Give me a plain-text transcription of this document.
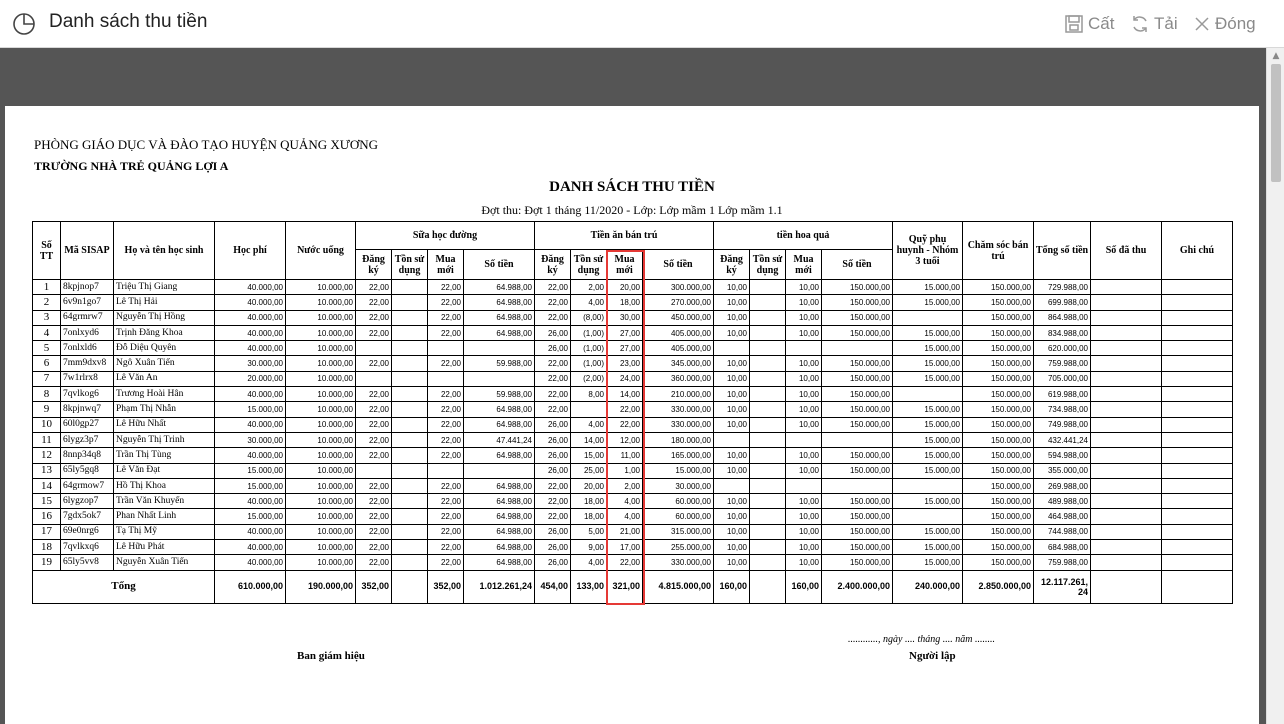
Danh sách thu tiền	Cất Tải Đóng
PHÒNG GIÁO DỤC VÀ ĐÀO TẠO HUYỆN QUẢNG XƯƠNG
TRƯỜNG NHÀ TRẺ QUẢNG LỢI A
DANH SÁCH THU TIỀN
Đợt thu: Đợt 1 tháng 11/2020 - Lớp: Lớp mầm 1 Lớp mầm 1.1
Số TT	Mã SISAP	Họ và tên học sinh	Học phí	Nước uống	Sữa học đường				Tiền ăn bán trú				tiền hoa quả				Quỹ phụ huynh - Nhóm 3 tuổi	Chăm sóc bán trú	Tổng số tiền	Số đã thu	Ghi chú
					Đăng ký	Tồn sử dụng	Mua mới	Số tiền	Đăng ký	Tồn sử dụng	Mua mới	Số tiền	Đăng ký	Tồn sử dụng	Mua mới	Số tiền					
1	8kpjnop7	Triệu Thị Giang	40.000,00	10.000,00	22,00		22,00	64.988,00	22,00	2,00	20,00	300.000,00	10,00		10,00	150.000,00	15.000,00	150.000,00	729.988,00		
2	6v9n1go7	Lê Thị Hải	40.000,00	10.000,00	22,00		22,00	64.988,00	22,00	4,00	18,00	270.000,00	10,00		10,00	150.000,00	15.000,00	150.000,00	699.988,00		
3	64grmrw7	Nguyễn Thị Hồng	40.000,00	10.000,00	22,00		22,00	64.988,00	22,00	(8,00)	30,00	450.000,00	10,00		10,00	150.000,00		150.000,00	864.988,00		
4	7onlxyd6	Trịnh Đăng Khoa	40.000,00	10.000,00	22,00		22,00	64.988,00	26,00	(1,00)	27,00	405.000,00	10,00		10,00	150.000,00	15.000,00	150.000,00	834.988,00		
5	7onlxld6	Đỗ Diệu Quyên	40.000,00	10.000,00					26,00	(1,00)	27,00	405.000,00					15.000,00	150.000,00	620.000,00		
6	7mm9dxv8	Ngô Xuân Tiến	30.000,00	10.000,00	22,00		22,00	59.988,00	22,00	(1,00)	23,00	345.000,00	10,00		10,00	150.000,00	15.000,00	150.000,00	759.988,00		
7	7w1rlrx8	Lê Văn An	20.000,00	10.000,00					22,00	(2,00)	24,00	360.000,00	10,00		10,00	150.000,00	15.000,00	150.000,00	705.000,00		
8	7qvlkog6	Trương Hoài Hân	40.000,00	10.000,00	22,00		22,00	59.988,00	22,00	8,00	14,00	210.000,00	10,00		10,00	150.000,00		150.000,00	619.988,00		
9	8kpjnwq7	Phạm Thị Nhẫn	15.000,00	10.000,00	22,00		22,00	64.988,00	22,00		22,00	330.000,00	10,00		10,00	150.000,00	15.000,00	150.000,00	734.988,00		
10	60l0gp27	Lê Hữu Nhất	40.000,00	10.000,00	22,00		22,00	64.988,00	26,00	4,00	22,00	330.000,00	10,00		10,00	150.000,00	15.000,00	150.000,00	749.988,00		
11	6lygz3p7	Nguyễn Thị Trinh	30.000,00	10.000,00	22,00		22,00	47.441,24	26,00	14,00	12,00	180.000,00					15.000,00	150.000,00	432.441,24		
12	8nnp34q8	Trần Thị Tùng	40.000,00	10.000,00	22,00		22,00	64.988,00	26,00	15,00	11,00	165.000,00	10,00		10,00	150.000,00	15.000,00	150.000,00	594.988,00		
13	65ly5gq8	Lê Văn Đạt	15.000,00	10.000,00					26,00	25,00	1,00	15.000,00	10,00		10,00	150.000,00	15.000,00	150.000,00	355.000,00		
14	64grmow7	Hồ Thị Khoa	15.000,00	10.000,00	22,00		22,00	64.988,00	22,00	20,00	2,00	30.000,00						150.000,00	269.988,00		
15	6lygzop7	Trần Văn Khuyến	40.000,00	10.000,00	22,00		22,00	64.988,00	22,00	18,00	4,00	60.000,00	10,00		10,00	150.000,00	15.000,00	150.000,00	489.988,00		
16	7gdx5ok7	Phan Nhất Linh	15.000,00	10.000,00	22,00		22,00	64.988,00	22,00	18,00	4,00	60.000,00	10,00		10,00	150.000,00		150.000,00	464.988,00		
17	69e0nrg6	Tạ Thị Mỹ	40.000,00	10.000,00	22,00		22,00	64.988,00	26,00	5,00	21,00	315.000,00	10,00		10,00	150.000,00	15.000,00	150.000,00	744.988,00		
18	7qvlkxq6	Lê Hữu Phát	40.000,00	10.000,00	22,00		22,00	64.988,00	26,00	9,00	17,00	255.000,00	10,00		10,00	150.000,00	15.000,00	150.000,00	684.988,00		
19	65ly5vv8	Nguyễn Xuân Tiến	40.000,00	10.000,00	22,00		22,00	64.988,00	26,00	4,00	22,00	330.000,00	10,00		10,00	150.000,00	15.000,00	150.000,00	759.988,00		
Tổng			610.000,00	190.000,00	352,00		352,00	1.012.261,24	454,00	133,00	321,00	4.815.000,00	160,00		160,00	2.400.000,00	240.000,00	2.850.000,00	12.117.261,24		
Ban giám hiệu
............, ngày .... tháng .... năm ........
Người lập
▲
